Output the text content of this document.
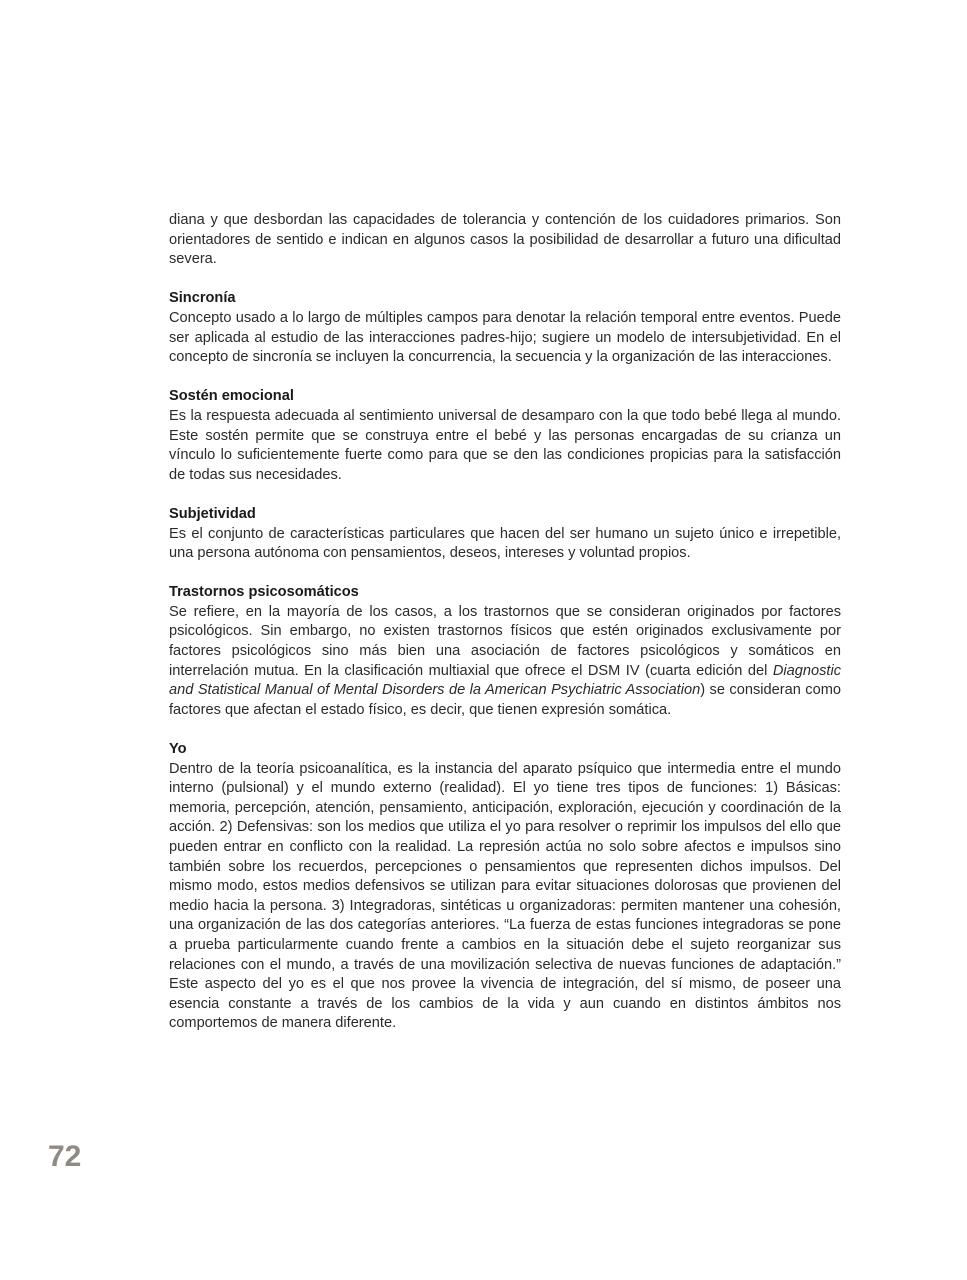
diana y que desbordan las capacidades de tolerancia y contención de los cuidadores primarios. Son orientadores de sentido e indican en algunos casos la posibilidad de desarrollar a futuro una dificultad severa.

Sincronía

Concepto usado a lo largo de múltiples campos para denotar la relación temporal entre eventos. Puede ser aplicada al estudio de las interacciones padres-hijo; sugiere un modelo de intersubjetividad. En el concepto de sincronía se incluyen la concurrencia, la secuencia y la organización de las interacciones.

Sostén emocional

Es la respuesta adecuada al sentimiento universal de desamparo con la que todo bebé llega al mundo. Este sostén permite que se construya entre el bebé y las personas encargadas de su crianza un vínculo lo suficientemente fuerte como para que se den las condiciones propicias para la satisfacción de todas sus necesidades.

Subjetividad

Es el conjunto de características particulares que hacen del ser humano un sujeto único e irrepetible, una persona autónoma con pensamientos, deseos, intereses y voluntad propios.

Trastornos psicosomáticos

Se refiere, en la mayoría de los casos, a los trastornos que se consideran originados por factores psicológicos. Sin embargo, no existen trastornos físicos que estén originados exclusivamente por factores psicológicos sino más bien una asociación de factores psicológicos y somáticos en interrelación mutua. En la clasificación multiaxial que ofrece el DSM IV (cuarta edición del Diagnostic and Statistical Manual of Mental Disorders de la American Psychiatric Association) se consideran como factores que afectan el estado físico, es decir, que tienen expresión somática.

Yo

Dentro de la teoría psicoanalítica, es la instancia del aparato psíquico que intermedia entre el mundo interno (pulsional) y el mundo externo (realidad). El yo tiene tres tipos de funciones: 1) Básicas: memoria, percepción, atención, pensamiento, anticipación, exploración, ejecución y coordinación de la acción. 2) Defensivas: son los medios que utiliza el yo para resolver o reprimir los impulsos del ello que pueden entrar en conflicto con la realidad. La represión actúa no solo sobre afectos e impulsos sino también sobre los recuerdos, percepciones o pensamientos que representen dichos impulsos. Del mismo modo, estos medios defensivos se utilizan para evitar situaciones dolorosas que provienen del medio hacia la persona. 3) Integradoras, sintéticas u organizadoras: permiten mantener una cohesión, una organización de las dos categorías anteriores. “La fuerza de estas funciones integradoras se pone a prueba particularmente cuando frente a cambios en la situación debe el sujeto reorganizar sus relaciones con el mundo, a través de una movilización selectiva de nuevas funciones de adaptación.” Este aspecto del yo es el que nos provee la vivencia de integración, del sí mismo, de poseer una esencia constante a través de los cambios de la vida y aun cuando en distintos ámbitos nos comportemos de manera diferente.

72
